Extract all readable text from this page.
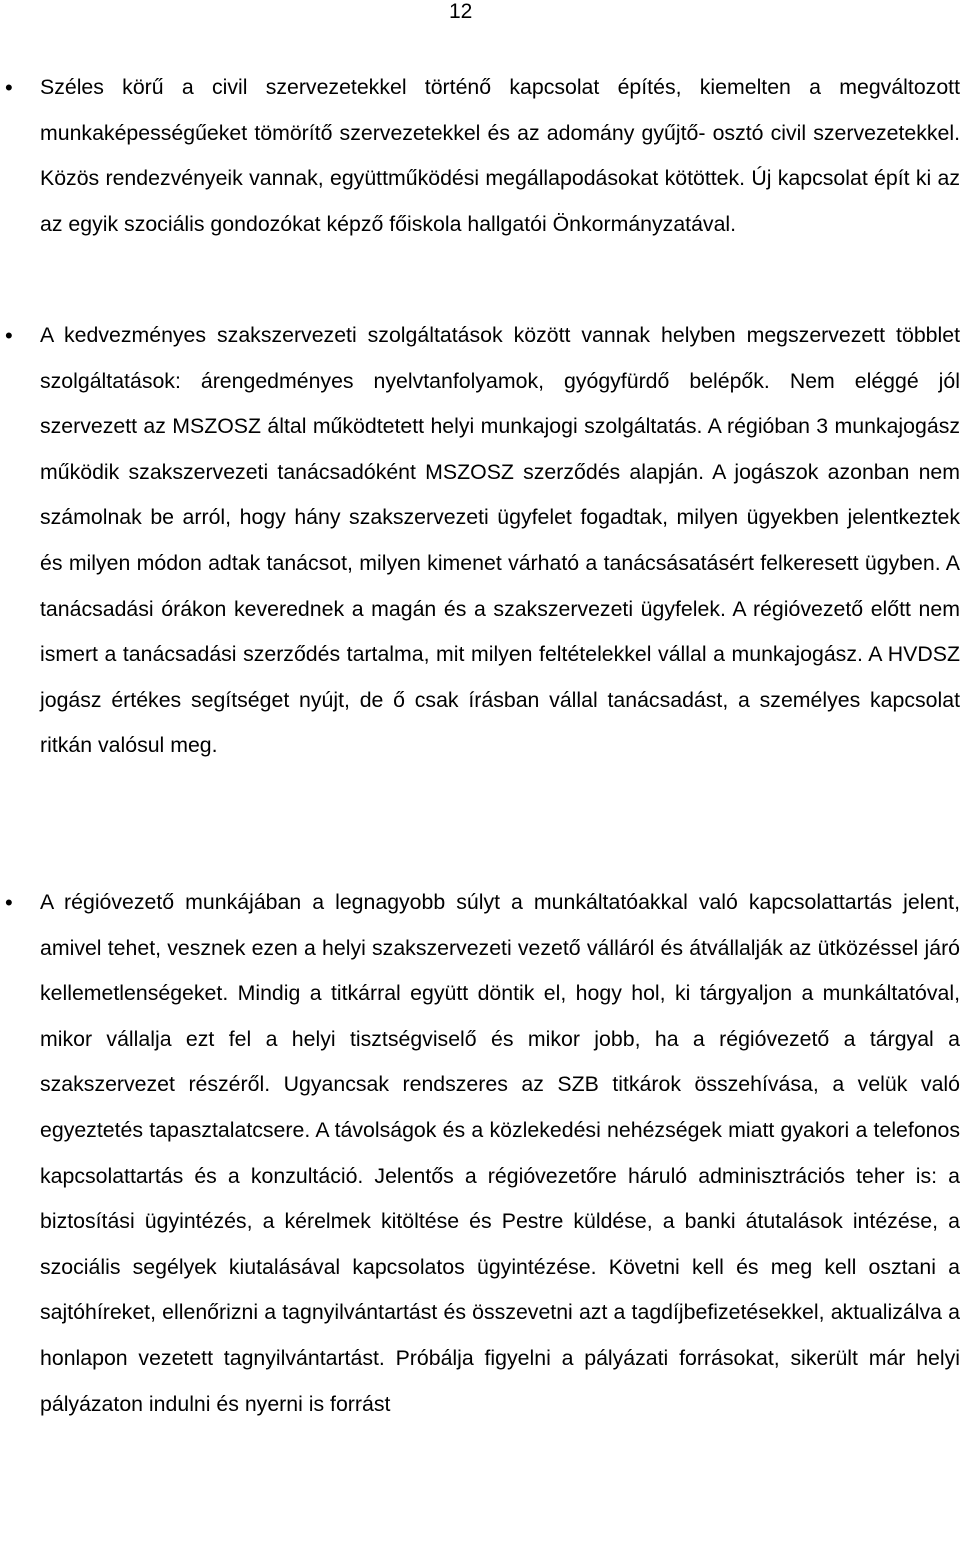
12
• Széles körű a civil szervezetekkel történő kapcsolat építés, kiemelten a megváltozott munkaképességűeket tömörítő szervezetekkel és az adomány gyűjtő- osztó civil szervezetekkel. Közös rendezvényeik vannak, együttműködési megállapodásokat kötöttek. Új kapcsolat épít ki az az egyik szociális gondozókat képző főiskola hallgatói Önkormányzatával.
• A kedvezményes szakszervezeti szolgáltatások között vannak helyben megszervezett többlet szolgáltatások: árengedményes nyelvtanfolyamok, gyógyfürdő belépők. Nem eléggé jól szervezett az MSZOSZ által működtetett helyi munkajogi szolgáltatás. A régióban 3 munkajogász működik szakszervezeti tanácsadóként MSZOSZ szerződés alapján. A jogászok azonban nem számolnak be arról, hogy hány szakszervezeti ügyfelet fogadtak, milyen ügyekben jelentkeztek és milyen módon adtak tanácsot, milyen kimenet várható a tanácsásatásért felkeresett ügyben. A tanácsadási órákon keverednek a magán és a szakszervezeti ügyfelek. A régióvezető előtt nem ismert a tanácsadási szerződés tartalma, mit milyen feltételekkel vállal a munkajogász. A HVDSZ jogász értékes segítséget nyújt, de ő csak írásban vállal tanácsadást, a személyes kapcsolat ritkán valósul meg.
• A régióvezető munkájában a legnagyobb súlyt a munkáltatóakkal való kapcsolattartás jelent, amivel tehet, vesznek ezen a helyi szakszervezeti vezető válláról és átvállalják az ütközéssel járó kellemetlenségeket. Mindig a titkárral együtt döntik el, hogy hol, ki tárgyaljon a munkáltatóval, mikor vállalja ezt fel a helyi tisztségviselő és mikor jobb, ha a régióvezető a tárgyal a szakszervezet részéről. Ugyancsak rendszeres az SZB titkárok összehívása, a velük való egyeztetés tapasztalatcsere. A távolságok és a közlekedési nehézségek miatt gyakori a telefonos kapcsolattartás és a konzultáció. Jelentős a régióvezetőre háruló adminisztrációs teher is: a biztosítási ügyintézés, a kérelmek kitöltése és Pestre küldése, a banki átutalások intézése, a szociális segélyek kiutalásával kapcsolatos ügyintézése. Követni kell és meg kell osztani a sajtóhíreket, ellenőrizni a tagnyilvántartást és összevetni azt a tagdíjbefizetésekkel, aktualizálva a honlapon vezetett tagnyilvántartást. Próbálja figyelni a pályázati forrásokat, sikerült már helyi pályázaton indulni és nyerni is forrást
